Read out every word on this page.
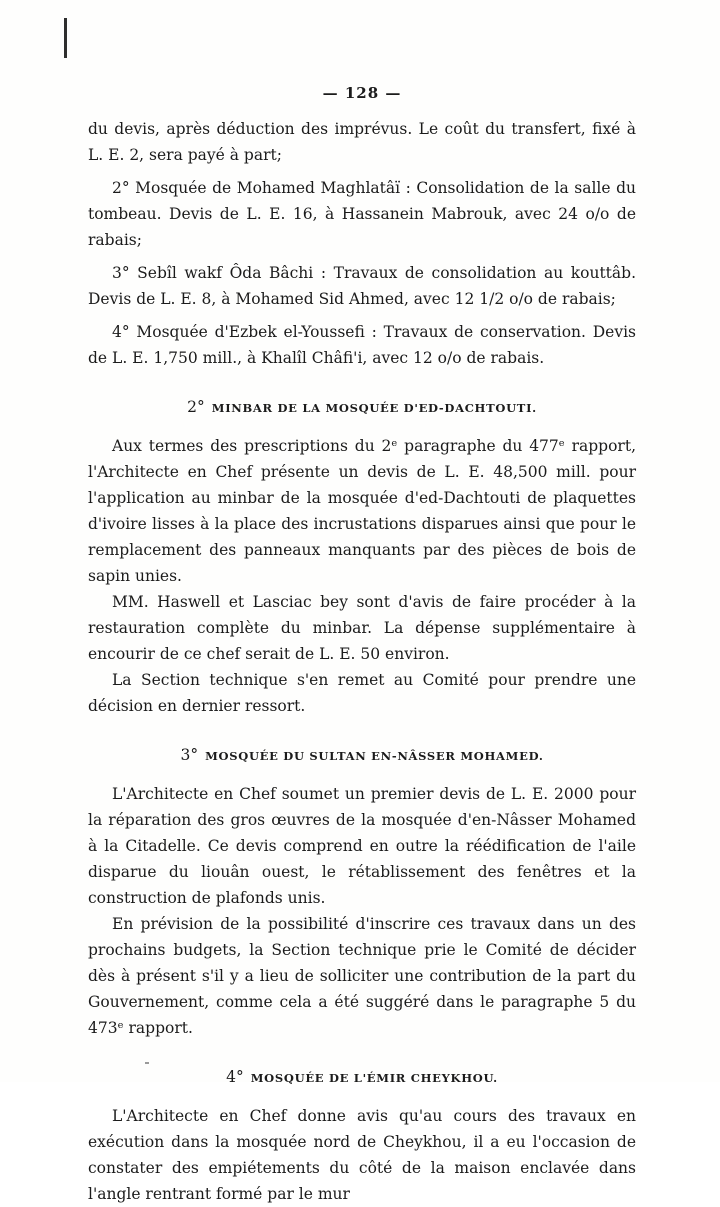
— 128 —

du devis, après déduction des imprévus. Le coût du transfert, fixé à L. E. 2, sera payé à part;

2° Mosquée de Mohamed Maghlatâï : Consolidation de la salle du tombeau. Devis de L. E. 16, à Hassanein Mabrouk, avec 24 o/o de rabais;

3° Sebîl wakf Ôda Bâchi : Travaux de consolidation au kouttâb. Devis de L. E. 8, à Mohamed Sid Ahmed, avec 12 1/2 o/o de rabais;

4° Mosquée d'Ezbek el-Youssefi : Travaux de conservation. Devis de L. E. 1,750 mill., à Khalîl Châfi'i, avec 12 o/o de rabais.

2° MINBAR DE LA MOSQUÉE D'ED-DACHTOUTI.

Aux termes des prescriptions du 2ᵉ paragraphe du 477ᵉ rapport, l'Architecte en Chef présente un devis de L. E. 48,500 mill. pour l'application au minbar de la mosquée d'ed-Dachtouti de plaquettes d'ivoire lisses à la place des incrustations disparues ainsi que pour le remplacement des panneaux manquants par des pièces de bois de sapin unies.

MM. Haswell et Lasciac bey sont d'avis de faire procéder à la restauration complète du minbar. La dépense supplémentaire à encourir de ce chef serait de L. E. 50 environ.

La Section technique s'en remet au Comité pour prendre une décision en dernier ressort.

3° MOSQUÉE DU SULTAN EN-NÂSSER MOHAMED.

L'Architecte en Chef soumet un premier devis de L. E. 2000 pour la réparation des gros œuvres de la mosquée d'en-Nâsser Mohamed à la Citadelle. Ce devis comprend en outre la réédification de l'aile disparue du liouân ouest, le rétablissement des fenêtres et la construction de plafonds unis.

En prévision de la possibilité d'inscrire ces travaux dans un des prochains budgets, la Section technique prie le Comité de décider dès à présent s'il y a lieu de solliciter une contribution de la part du Gouvernement, comme cela a été suggéré dans le paragraphe 5 du 473ᵉ rapport.

4° MOSQUÉE DE L'ÉMIR CHEYKHOU.

L'Architecte en Chef donne avis qu'au cours des travaux en exécution dans la mosquée nord de Cheykhou, il a eu l'occasion de constater des empiétements du côté de la maison enclavée dans l'angle rentrant formé par le mur
